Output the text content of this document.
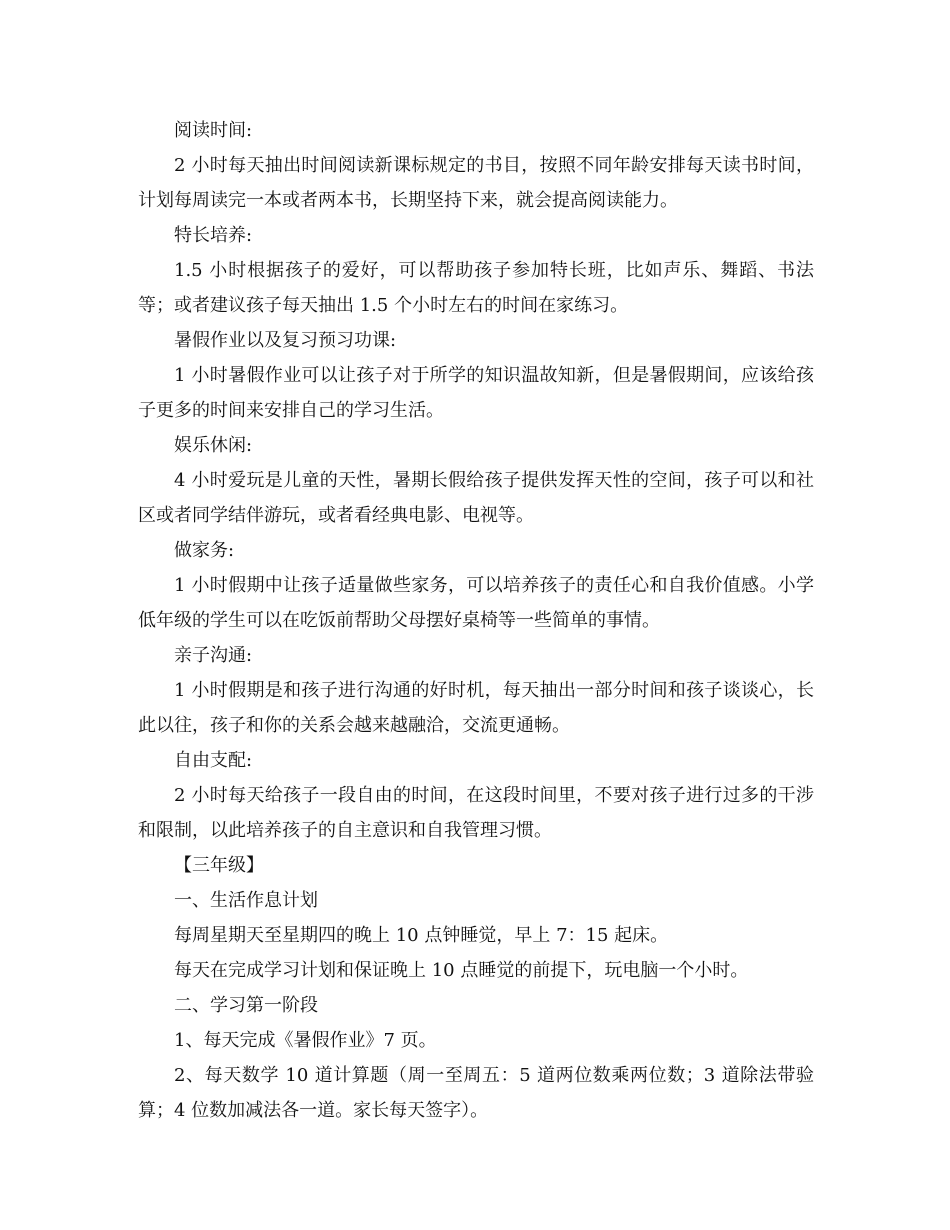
阅读时间:

2 小时每天抽出时间阅读新课标规定的书目，按照不同年龄安排每天读书时间，计划每周读完一本或者两本书，长期坚持下来，就会提高阅读能力。

特长培养:

1.5 小时根据孩子的爱好，可以帮助孩子参加特长班，比如声乐、舞蹈、书法等；或者建议孩子每天抽出 1.5 个小时左右的时间在家练习。

暑假作业以及复习预习功课:

1 小时暑假作业可以让孩子对于所学的知识温故知新，但是暑假期间，应该给孩子更多的时间来安排自己的学习生活。

娱乐休闲:

4 小时爱玩是儿童的天性，暑期长假给孩子提供发挥天性的空间，孩子可以和社区或者同学结伴游玩，或者看经典电影、电视等。

做家务:

1 小时假期中让孩子适量做些家务，可以培养孩子的责任心和自我价值感。小学低年级的学生可以在吃饭前帮助父母摆好桌椅等一些简单的事情。

亲子沟通:

1 小时假期是和孩子进行沟通的好时机，每天抽出一部分时间和孩子谈谈心，长此以往，孩子和你的关系会越来越融洽，交流更通畅。

自由支配:

2 小时每天给孩子一段自由的时间，在这段时间里，不要对孩子进行过多的干涉和限制，以此培养孩子的自主意识和自我管理习惯。

【三年级】

一、生活作息计划

每周星期天至星期四的晚上 10 点钟睡觉，早上 7：15 起床。

每天在完成学习计划和保证晚上 10 点睡觉的前提下，玩电脑一个小时。

二、学习第一阶段

1、每天完成《暑假作业》7 页。

2、每天数学 10 道计算题（周一至周五：5 道两位数乘两位数；3 道除法带验算；4 位数加减法各一道。家长每天签字）。
